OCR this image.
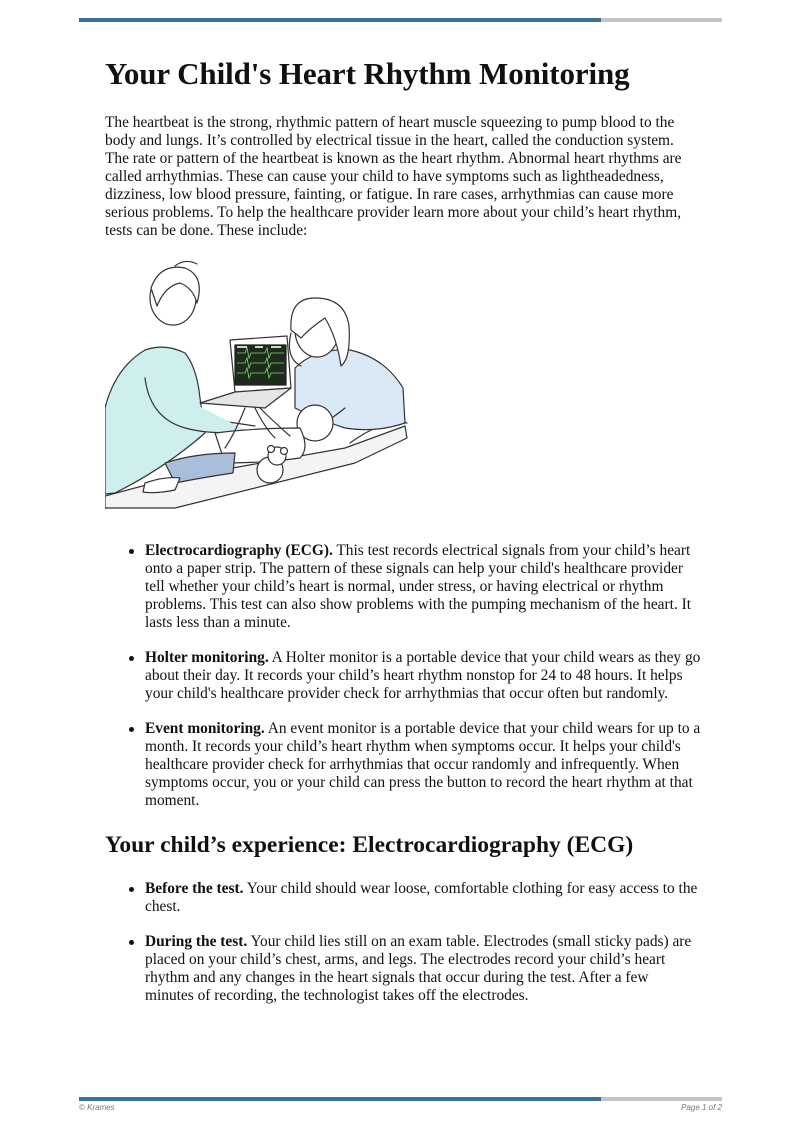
Your Child's Heart Rhythm Monitoring

The heartbeat is the strong, rhythmic pattern of heart muscle squeezing to pump blood to the body and lungs. It’s controlled by electrical tissue in the heart, called the conduction system. The rate or pattern of the heartbeat is known as the heart rhythm. Abnormal heart rhythms are called arrhythmias. These can cause your child to have symptoms such as lightheadedness, dizziness, low blood pressure, fainting, or fatigue. In rare cases, arrhythmias can cause more serious problems. To help the healthcare provider learn more about your child’s heart rhythm, tests can be done. These include:

Electrocardiography (ECG). This test records electrical signals from your child’s heart onto a paper strip. The pattern of these signals can help your child's healthcare provider tell whether your child’s heart is normal, under stress, or having electrical or rhythm problems. This test can also show problems with the pumping mechanism of the heart. It lasts less than a minute.
Holter monitoring. A Holter monitor is a portable device that your child wears as they go about their day. It records your child’s heart rhythm nonstop for 24 to 48 hours. It helps your child's healthcare provider check for arrhythmias that occur often but randomly.
Event monitoring. An event monitor is a portable device that your child wears for up to a month. It records your child’s heart rhythm when symptoms occur. It helps your child's healthcare provider check for arrhythmias that occur randomly and infrequently. When symptoms occur, you or your child can press the button to record the heart rhythm at that moment.
Your child’s experience: Electrocardiography (ECG)
Before the test. Your child should wear loose, comfortable clothing for easy access to the chest.
During the test. Your child lies still on an exam table. Electrodes (small sticky pads) are placed on your child’s chest, arms, and legs. The electrodes record your child’s heart rhythm and any changes in the heart signals that occur during the test. After a few minutes of recording, the technologist takes off the electrodes.
© Krames	Page 1 of 2
